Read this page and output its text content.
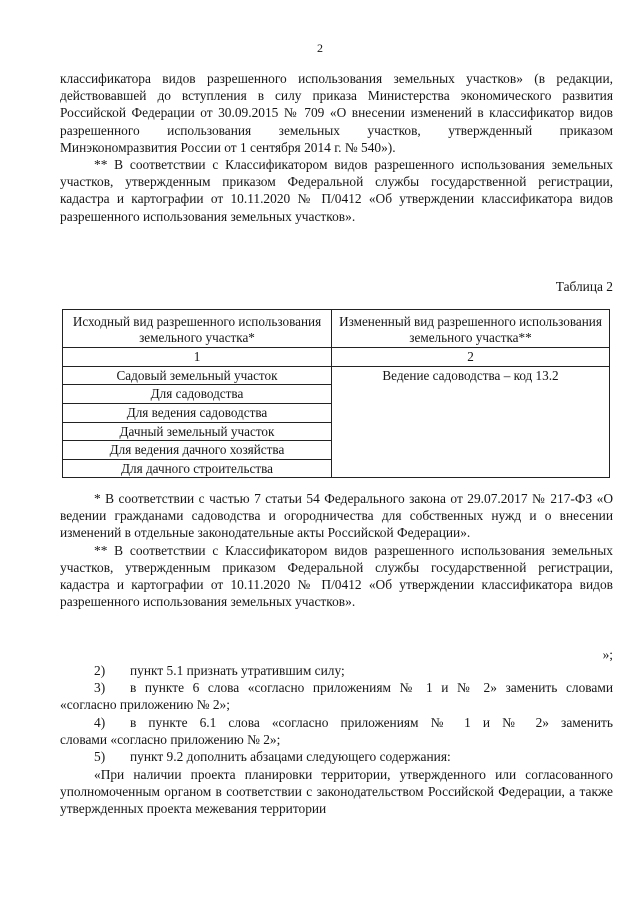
2

классификатора видов разрешенного использования земельных участков» (в редакции, действовавшей до вступления в силу приказа Министерства экономического развития Российской Федерации от 30.09.2015 № 709 «О внесении изменений в классификатор видов разрешенного использования земельных участков, утвержденный приказом Минэкономразвития России от 1 сентября 2014 г. № 540»).

** В соответствии с Классификатором видов разрешенного использования земельных участков, утвержденным приказом Федеральной службы государственной регистрации, кадастра и картографии от 10.11.2020 № П/0412 «Об утверждении классификатора видов разрешенного использования земельных участков».

Таблица 2
Исходный вид разрешенного использования земельного участка*	Измененный вид разрешенного использования земельного участка**
1	2
Садовый земельный участок	Ведение садоводства – код 13.2
Для садоводства	
Для ведения садоводства	
Дачный земельный участок	
Для ведения дачного хозяйства	
Для дачного строительства	

* В соответствии с частью 7 статьи 54 Федерального закона от 29.07.2017 № 217-ФЗ «О ведении гражданами садоводства и огородничества для собственных нужд и о внесении изменений в отдельные законодательные акты Российской Федерации».

** В соответствии с Классификатором видов разрешенного использования земельных участков, утвержденным приказом Федеральной службы государственной регистрации, кадастра и картографии от 10.11.2020 № П/0412 «Об утверждении классификатора видов разрешенного использования земельных участков».

»;
2)	пункт 5.1 признать утратившим силу;
3)	в пункте 6 слова «согласно приложениям № 1 и № 2» заменить словами
«согласно приложению № 2»;
4)	в пункте 6.1 слова «согласно приложениям № 1 и № 2» заменить
словами «согласно приложению № 2»;
5)	пункт 9.2 дополнить абзацами следующего содержания:

«При наличии проекта планировки территории, утвержденного или согласованного уполномоченным органом в соответствии с законодательством Российской Федерации, а также утвержденных проекта межевания территории
